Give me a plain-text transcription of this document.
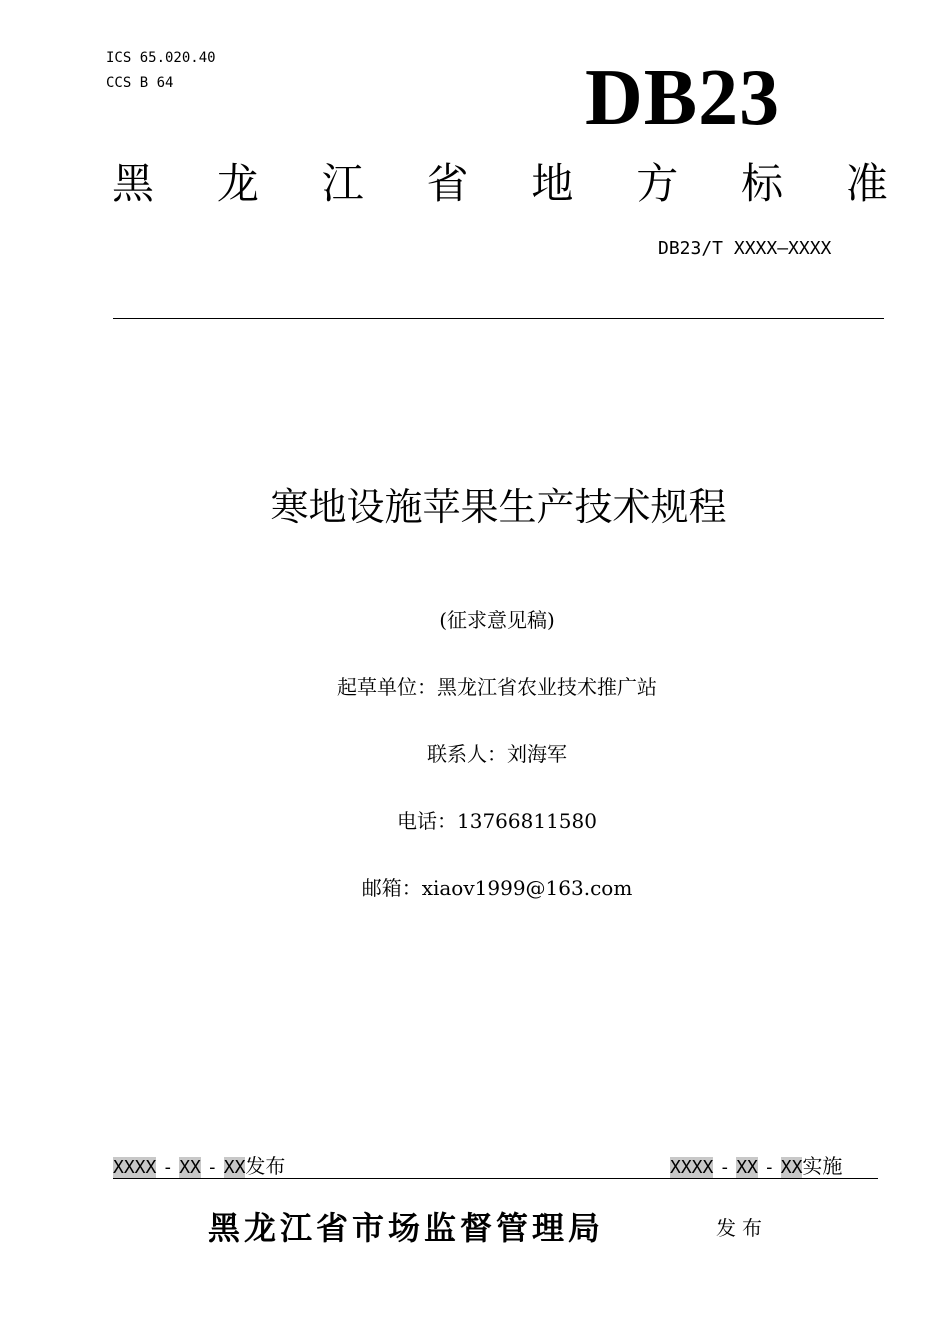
ICS 65.020.40
CCS B 64	DB23
黑 龙 江 省 地 方 标 准
DB23/T XXXX—XXXX
寒地设施苹果生产技术规程
(征求意见稿)
起草单位：黑龙江省农业技术推广站
联系人：刘海军
电话：13766811580
邮箱：xiaov1999@163.com
XXXX - XX - XX发布	XXXX - XX - XX实施
黑龙江省市场监督管理局	发布
